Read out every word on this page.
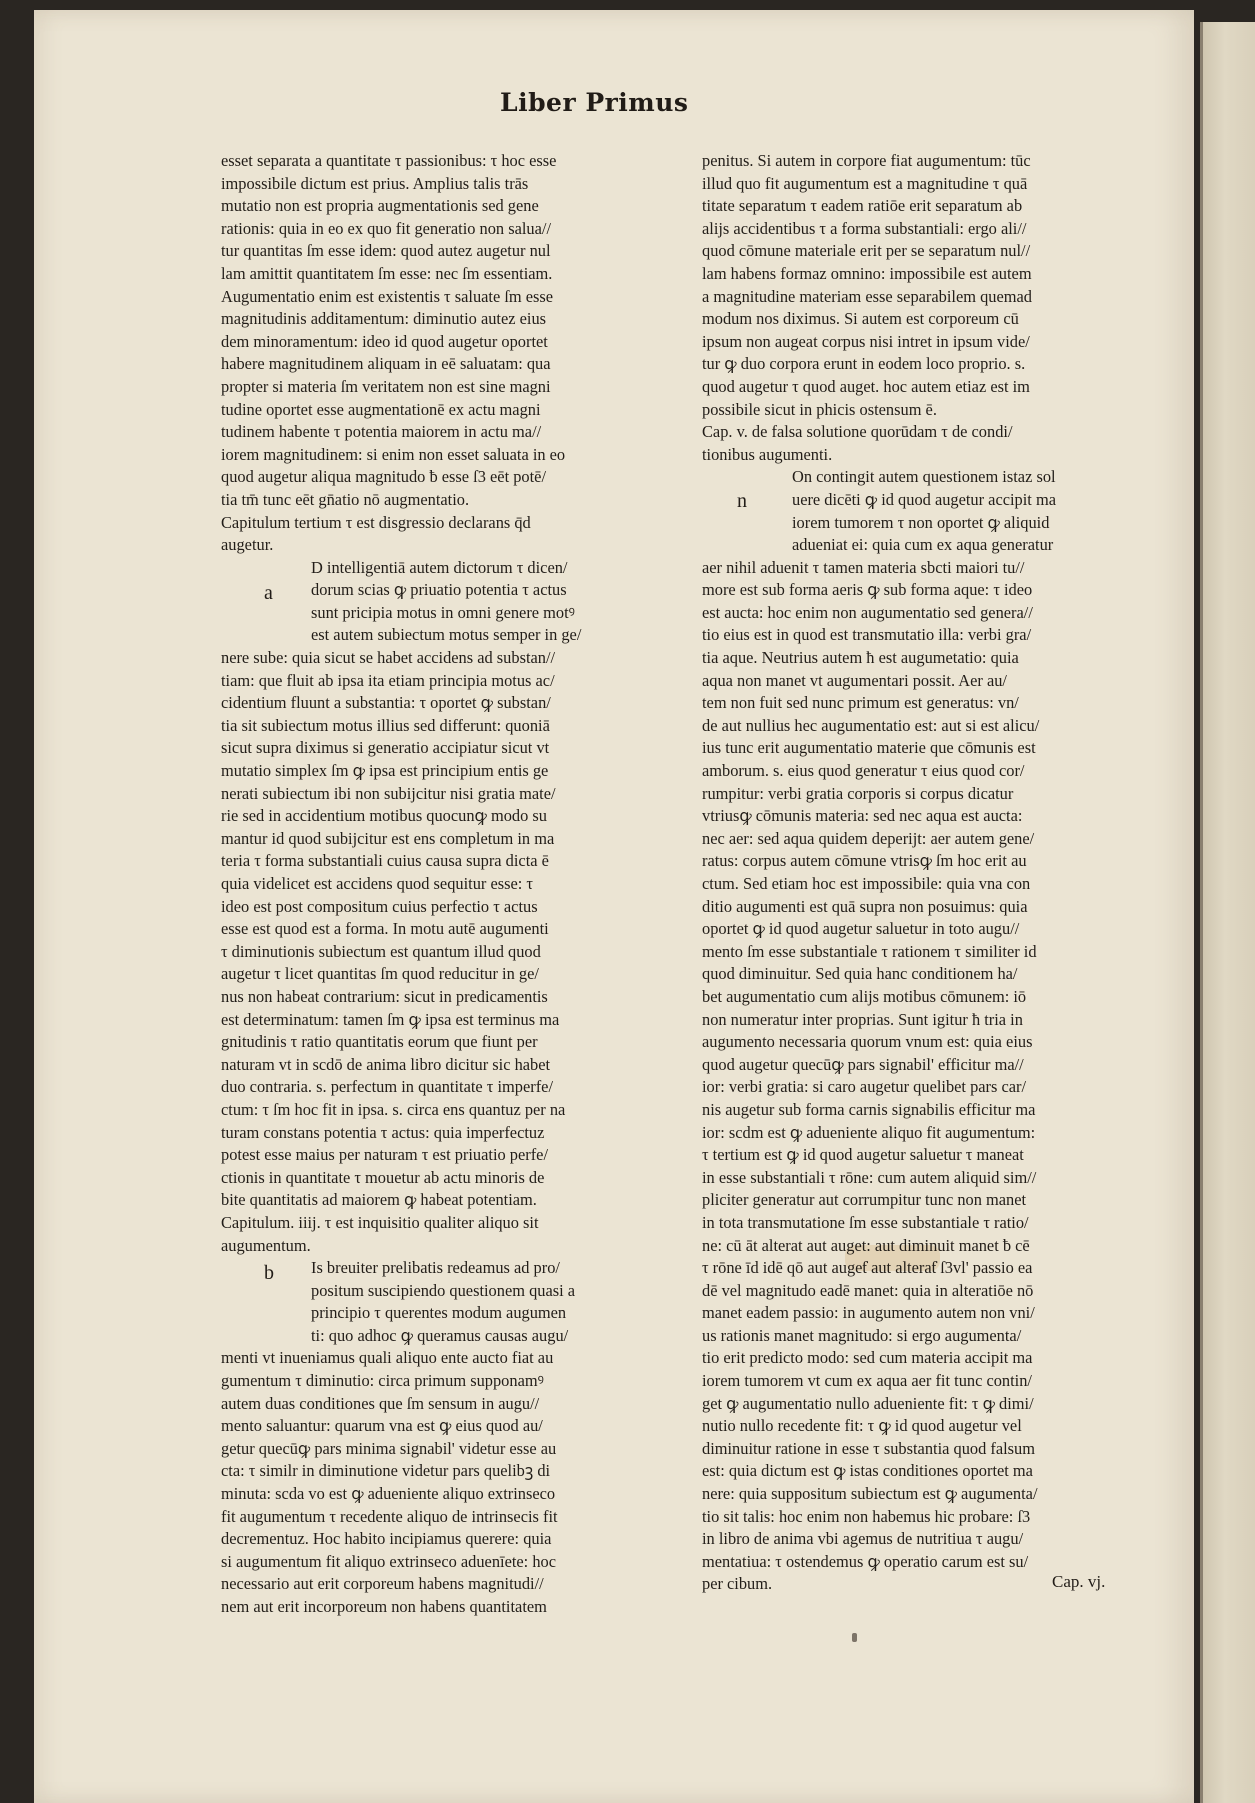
Liber Primus
esset separata a quantitate τ passionibus: τ hoc esse
impossibile dictum est prius. Amplius talis trās
mutatio non est propria augmentationis sed gene
rationis: quia in eo ex quo fit generatio non salua//
tur quantitas ſm esse idem: quod autez augetur nul
lam amittit quantitatem ſm esse: nec ſm essentiam.
Augumentatio enim est existentis τ saluate ſm esse
magnitudinis additamentum: diminutio autez eius
dem minoramentum: ideo id quod augetur oportet
habere magnitudinem aliquam in eē saluatam: qua
propter si materia ſm veritatem non est sine magni
tudine oportet esse augmentationē ex actu magni
tudinem habente τ potentia maiorem in actu ma//
iorem magnitudinem: si enim non esset saluata in eo
quod augetur aliqua magnitudo ƀ esse ſ3 eēt potē/
tia tm̄ tunc eēt gn̄atio nō augmentatio.
Capitulum tertium τ est disgressio declarans q̄d
augetur.
D intelligentiā autem dictorum τ dicen/
dorum scias ꝙ priuatio potentia τ actus
sunt pricipia motus in omni genere motꝰ
est autem subiectum motus semper in ge/
nere sube: quia sicut se habet accidens ad substan//
tiam: que fluit ab ipsa ita etiam principia motus ac/
cidentium fluunt a substantia: τ oportet ꝙ substan/
tia sit subiectum motus illius sed differunt: quoniā
sicut supra diximus si generatio accipiatur sicut vt
mutatio simplex ſm ꝙ ipsa est principium entis ge
nerati subiectum ibi non subijcitur nisi gratia mate/
rie sed in accidentium motibus quocunꝙ modo su
mantur id quod subijcitur est ens completum in ma
teria τ forma substantiali cuius causa supra dicta ē
quia videlicet est accidens quod sequitur esse: τ
ideo est post compositum cuius perfectio τ actus
esse est quod est a forma. In motu autē augumenti
τ diminutionis subiectum est quantum illud quod
augetur τ licet quantitas ſm quod reducitur in ge/
nus non habeat contrarium: sicut in predicamentis
est determinatum: tamen ſm ꝙ ipsa est terminus ma
gnitudinis τ ratio quantitatis eorum que fiunt per
naturam vt in scdō de anima libro dicitur sic habet
duo contraria. s. perfectum in quantitate τ imperfe/
ctum: τ ſm hoc fit in ipsa. s. circa ens quantuz per na
turam constans potentia τ actus: quia imperfectuz
potest esse maius per naturam τ est priuatio perfe/
ctionis in quantitate τ mouetur ab actu minoris de
bite quantitatis ad maiorem ꝙ habeat potentiam.
Capitulum. iiij. τ est inquisitio qualiter aliquo sit
augumentum.
Is breuiter prelibatis redeamus ad pro/
positum suscipiendo questionem quasi a
principio τ querentes modum augumen
ti: quo adhoc ꝙ queramus causas augu/
menti vt inueniamus quali aliquo ente aucto fiat au
gumentum τ diminutio: circa primum supponamꝰ
autem duas conditiones que ſm sensum in augu//
mento saluantur: quarum vna est ꝙ eius quod au/
getur quecūꝙ pars minima signabil' videtur esse au
cta: τ similr in diminutione videtur pars quelibꝫ di
minuta: scda vo est ꝙ adueniente aliquo extrinseco
fit augumentum τ recedente aliquo de intrinsecis fit
decrementuz. Hoc habito incipiamus querere: quia
si augumentum fit aliquo extrinseco aduenīete: hoc
necessario aut erit corporeum habens magnitudi//
nem aut erit incorporeum non habens quantitatem
penitus. Si autem in corpore fiat augumentum: tūc
illud quo fit augumentum est a magnitudine τ quā
titate separatum τ eadem ratiōe erit separatum ab
alijs accidentibus τ a forma substantiali: ergo ali//
quod cōmune materiale erit per se separatum nul//
lam habens formaz omnino: impossibile est autem
a magnitudine materiam esse separabilem quemad
modum nos diximus. Si autem est corporeum cū
ipsum non augeat corpus nisi intret in ipsum vide/
tur ꝙ duo corpora erunt in eodem loco proprio. s.
quod augetur τ quod auget. hoc autem etiaz est im
possibile sicut in phicis ostensum ē.
Cap. v. de falsa solutione quorūdam τ de condi/
tionibus augumenti.
On contingit autem questionem istaz sol
uere dicēti ꝙ id quod augetur accipit ma
iorem tumorem τ non oportet ꝙ aliquid
adueniat ei: quia cum ex aqua generatur
aer nihil aduenit τ tamen materia sbcti maiori tu//
more est sub forma aeris ꝙ sub forma aque: τ ideo
est aucta: hoc enim non augumentatio sed genera//
tio eius est in quod est transmutatio illa: verbi gra/
tia aque. Neutrius autem ħ est augumetatio: quia
aqua non manet vt augumentari possit. Aer au/
tem non fuit sed nunc primum est generatus: vn/
de aut nullius hec augumentatio est: aut si est alicu/
ius tunc erit augumentatio materie que cōmunis est
amborum. s. eius quod generatur τ eius quod cor/
rumpitur: verbi gratia corporis si corpus dicatur
vtriusꝙ cōmunis materia: sed nec aqua est aucta:
nec aer: sed aqua quidem deperijt: aer autem gene/
ratus: corpus autem cōmune vtrisꝙ ſm hoc erit au
ctum. Sed etiam hoc est impossibile: quia vna con
ditio augumenti est quā supra non posuimus: quia
oportet ꝙ id quod augetur saluetur in toto augu//
mento ſm esse substantiale τ rationem τ similiter id
quod diminuitur. Sed quia hanc conditionem ha/
bet augumentatio cum alijs motibus cōmunem: iō
non numeratur inter proprias. Sunt igitur ħ tria in
augumento necessaria quorum vnum est: quia eius
quod augetur quecūꝙ pars signabil' efficitur ma//
ior: verbi gratia: si caro augetur quelibet pars car/
nis augetur sub forma carnis signabilis efficitur ma
ior: scdm est ꝙ adueniente aliquo fit augumentum:
τ tertium est ꝙ id quod augetur saluetur τ maneat
in esse substantiali τ rōne: cum autem aliquid sim//
pliciter generatur aut corrumpitur tunc non manet
in tota transmutatione ſm esse substantiale τ ratio/
ne: cū āt alterat aut auget: aut diminuit manet ƀ cē
τ rōne īd idē qō aut augeƭ aut alteraƭ ſ3vl' passio ea
dē vel magnitudo eadē manet: quia in alteratiōe nō
manet eadem passio: in augumento autem non vni/
us rationis manet magnitudo: si ergo augumenta/
tio erit predicto modo: sed cum materia accipit ma
iorem tumorem vt cum ex aqua aer fit tunc contin/
get ꝙ augumentatio nullo adueniente fit: τ ꝙ dimi/
nutio nullo recedente fit: τ ꝙ id quod augetur vel
diminuitur ratione in esse τ substantia quod falsum
est: quia dictum est ꝙ istas conditiones oportet ma
nere: quia suppositum subiectum est ꝙ augumenta/
tio sit talis: hoc enim non habemus hic probare: ſ3
in libro de anima vbi agemus de nutritiua τ augu/
mentatiua: τ ostendemus ꝙ operatio carum est su/
per cibum.
a
b
n
Cap. vj.
